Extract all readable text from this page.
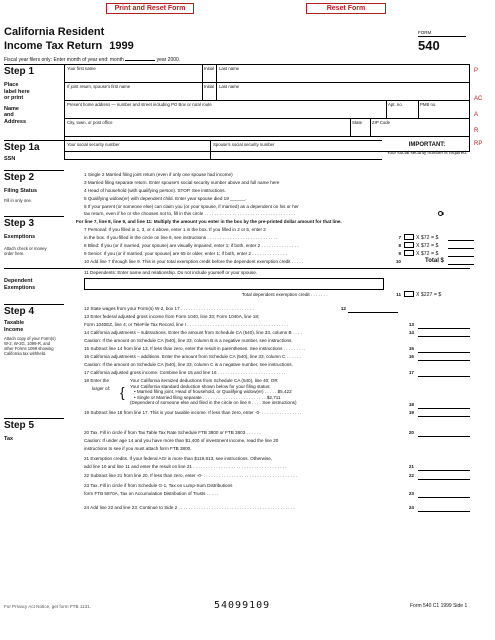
Print and Reset Form	Reset Form
California Resident
Income Tax Return 1999
FORM
540
Fiscal year filers only: Enter month of year end: month	year 2000.
P
AC
A
R
RP
Step 1
Place
label here
or print
Name
and
Address
Your first name	Initial Last name
If joint return, spouse's first name	Initial Last name
Present home address — number and street including PO Box or rural route	Apt. no.	PMB no.
City, town, or post office	State ZIP Code
Step 1a
SSN
Your social security number	Spouse's social security number	IMPORTANT:
Your social security number is required.
Step 2
Filing Status
Fill in only one.
1 Single 2 Married filing joint return (even if only one spouse had income)
3 Married filing separate return. Enter spouse's social security number above and full name here
4 Head of household (with qualifying person). STOP. See instructions.
5 Qualifying widow(er) with dependent child. Enter year spouse died 19 ______.
6 If your parent (or someone else) can claim you (or your spouse, if married) as a dependent on his or her
tax return, even if he or she chooses not to, fill in this circle . . . . . . . . . . . . . . . . . . . . . . . . . . . . . . . . . . . .	6
Step 3
Exemptions
Attach check or money order here.
For line 7, line 8, line 9, and line 11: Multiply the amount you enter in the box by the pre-printed dollar amount for that line.
7 Personal: If you filled in 1, 3, or 4 above, enter 1 in the box. If you filled in 2 or 5, enter 2
in the box. If you filled in the circle on line 6, see instructions . . . . . . . . . . . . . . . . . . . . . . . . . . . .	7	X $72 = $
8 Blind: If you (or if married, your spouse) are visually impaired, enter 1; if both, enter 2 . . . . . . . . . . . . . . .	8	X $72 = $
9 Senior: If you (or if married, your spouse) are 65 or older, enter 1; if both, enter 2 . . . . . . . . . . . . . .	9	X $72 = $
10 Add line 7 through line 9. This is your total exemption credit before the dependent exemption credit . . . . .	10	Total $
Dependent
Exemptions
11 Dependents: Enter name and relationship. Do not include yourself or your spouse.
Total dependent exemption credit . . . . . . .	11	X $227 = $
Step 4
Taxable
Income
Attach copy of your Form(s) W-2, W-2G, 1099-R, and other Forms 1099 showing California tax withheld.
12 State wages from your Form(s) W-2, box 17 . . . . . . . . . . . . . . . . . . . . . . . . . . . . .	12
13 Enter federal adjusted gross income from Form 1040, line 33; Form 1040A, line 18;
Form 1040EZ, line 4; or TeleFile Tax Record, line I . . . . . . . . . . . . . . . . . . . . . . . . . . . . . . . . . . . . . . . .	13
14 California adjustments – subtractions. Enter the amount from Schedule CA (540), line 33, column B . . . .	14
Caution: If the amount on Schedule CA (540), line 33, column B is a negative number, see instructions.
15 Subtract line 14 from line 13. If less than zero, enter the result in parentheses. See instructions . . . . . . . . .	15
16 California adjustments – additions. Enter the amount from Schedule CA (540), line 33, column C . . . . . .	16
Caution: If the amount on Schedule CA (540), line 33, column C is a negative number, see instructions.
17 California adjusted gross income. Combine line 15 and line 16 . . . . . . . . . . . . . . . . . . . . . . . . . . .	17
18 Enter the
larger of: {
Your California itemized deductions from Schedule CA (540), line 40; OR
Your California standard deduction shown below for your filing status:
• Married filing joint, Head of household, or Qualifying widow(er) . . . . . $5,422
• Single or Married filing separate . . . . . . . . . . . . . . . . . . . . . . . . . $2,711
(Dependent of someone else and filed in the circle on line 6 . . . . See instructions)	18
19 Subtract line 18 from line 17. This is your taxable income. If less than zero, enter -0- . . . . . . . . . . . . . . . .	19
Step 5
Tax
20 Tax. Fill in circle if from Tax Table Tax Rate Schedule FTB 3800 or FTB 3803 . . . . . .	20
Caution: If under age 14 and you have more than $1,400 of investment income, read the line 20
instructions to see if you must attach form FTB 3800.
21 Exemption credits. If your federal AGI is more than $119,813, see instructions. Otherwise,
add line 10 and line 11 and enter the result on line 21 . . . . . . . . . . . . . . . . . . . . . . . . . . . . . . . . . . . . .	21
22 Subtract line 21 from line 20. If less than zero, enter -0- . . . . . . . . . . . . . . . . . . . . . . . . . . . . . . . . . . . . .	22
23 Tax. Fill in circle if from Schedule G-1, Tax on Lump-Sum Distributions
form FTB 5870A, Tax on Accumulation Distribution of Trusts . . . . .	23
24 Add line 22 and line 23. Continue to Side 2 . . . . . . . . . . . . . . . . . . . . . . . . . . . . . . . . . . . . . . . . . . . . . .	24
For Privacy Act Notice, get form FTB 1131.	54099109	Form 540 C1 1999 Side 1
